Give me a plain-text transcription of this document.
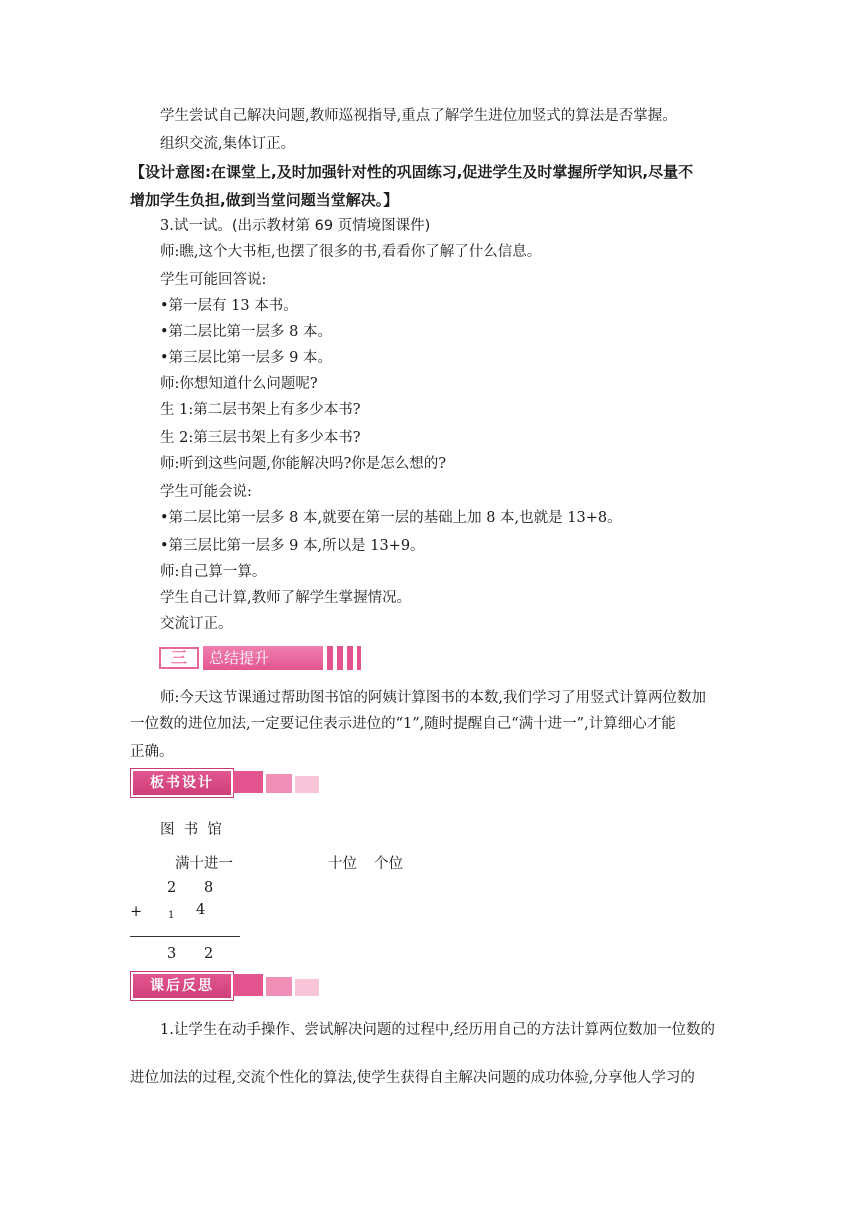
学生尝试自己解决问题,教师巡视指导,重点了解学生进位加竖式的算法是否掌握。
组织交流,集体订正。
【设计意图:在课堂上,及时加强针对性的巩固练习,促进学生及时掌握所学知识,尽量不
增加学生负担,做到当堂问题当堂解决。】
3.试一试。(出示教材第 69 页情境图课件)
师:瞧,这个大书柜,也摆了很多的书,看看你了解了什么信息。
学生可能回答说:
•第一层有 13 本书。
•第二层比第一层多 8 本。
•第三层比第一层多 9 本。
师:你想知道什么问题呢?
生 1:第二层书架上有多少本书?
生 2:第三层书架上有多少本书?
师:听到这些问题,你能解决吗?你是怎么想的?
学生可能会说:
•第二层比第一层多 8 本,就要在第一层的基础上加 8 本,也就是 13+8。
•第三层比第一层多 9 本,所以是 13+9。
师:自己算一算。
学生自己计算,教师了解学生掌握情况。
交流订正。
三	总结提升
师:今天这节课通过帮助图书馆的阿姨计算图书的本数,我们学习了用竖式计算两位数加
一位数的进位加法,一定要记住表示进位的“1”,随时提醒自己“满十进一”,计算细心才能
正确。
板书设计
图  书  馆
满十进一	十位 个位
2 8
+	1 4
3 2
课后反思
1.让学生在动手操作、尝试解决问题的过程中,经历用自己的方法计算两位数加一位数的
进位加法的过程,交流个性化的算法,使学生获得自主解决问题的成功体验,分享他人学习的
